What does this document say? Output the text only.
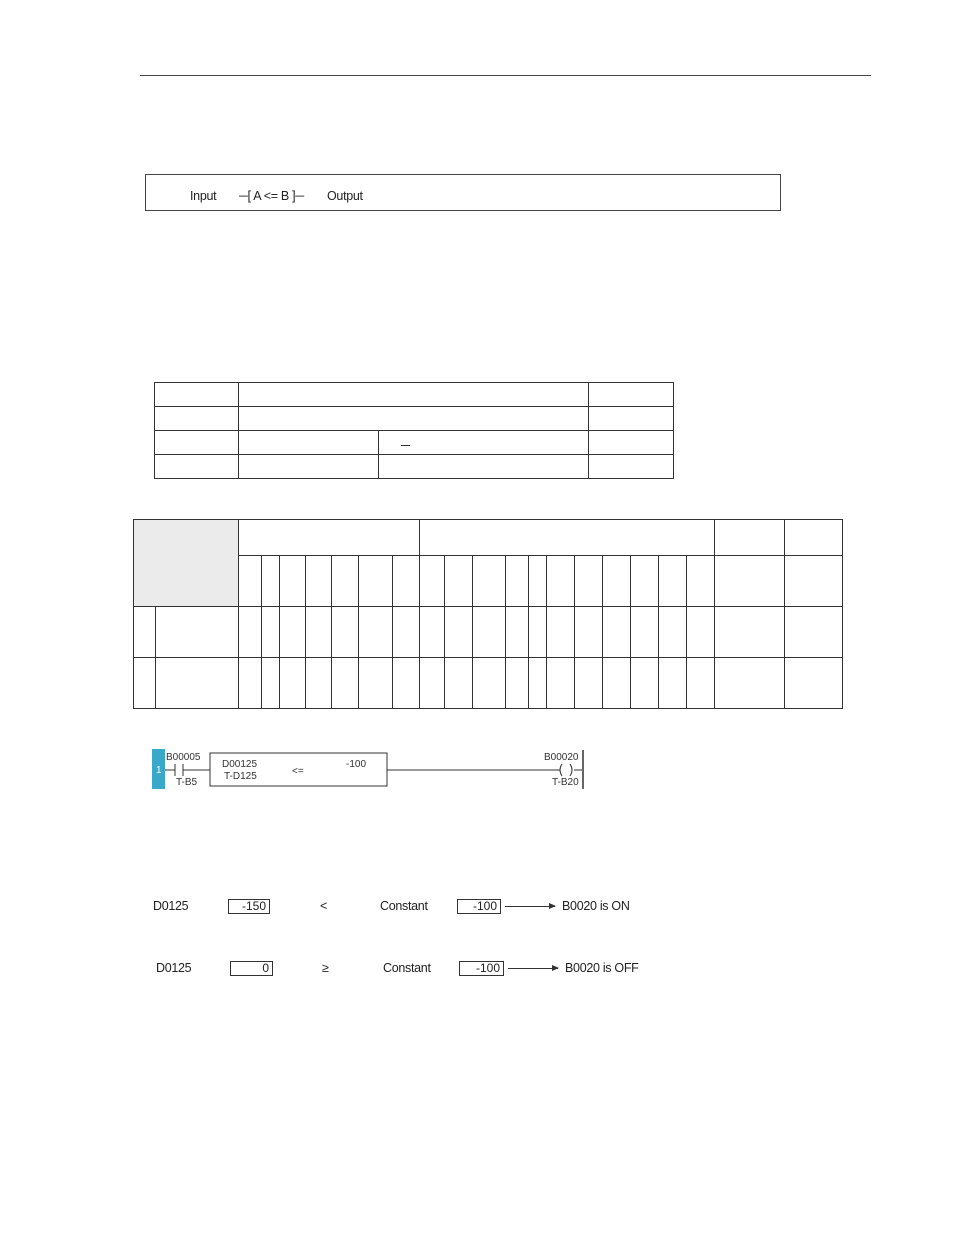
Input ─[ A <= B ]─ Output

1
B00005
T-B5
D00125
T-D125	<=
-100
B00020
T-B20
D0125	-150	<	Constant	-100	B0020 is ON
D0125	0	≥	Constant	-100	B0020 is OFF
